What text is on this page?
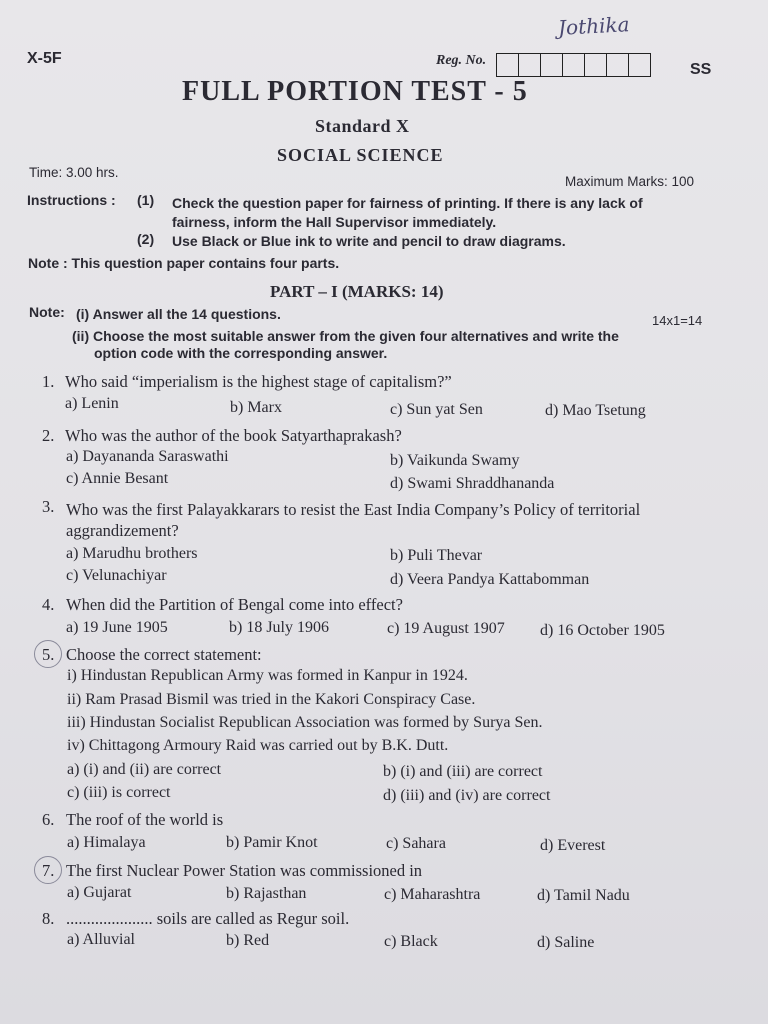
Jothika
X-5F	Reg. No.
SS
FULL PORTION TEST - 5
Standard X
SOCIAL SCIENCE
Time: 3.00 hrs.
Maximum Marks: 100
Instructions : (1) Check the question paper for fairness of printing. If there is any lack of
fairness, inform the Hall Supervisor immediately.
(2) Use Black or Blue ink to write and pencil to draw diagrams.
Note : This question paper contains four parts.
PART – I (MARKS: 14)
Note: (i) Answer all the 14 questions.	14x1=14
(ii) Choose the most suitable answer from the given four alternatives and write the
option code with the corresponding answer.
1. Who said “imperialism is the highest stage of capitalism?”
a) Lenin	b) Marx	c) Sun yat Sen	d) Mao Tsetung
2. Who was the author of the book Satyarthaprakash?
a) Dayananda Saraswathi	b) Vaikunda Swamy
c) Annie Besant	d) Swami Shraddhananda
3. Who was the first Palayakkarars to resist the East India Company’s Policy of territorial
aggrandizement?
a) Marudhu brothers	b) Puli Thevar
c) Velunachiyar	d) Veera Pandya Kattabomman
4. When did the Partition of Bengal come into effect?
a) 19 June 1905	b) 18 July 1906	c) 19 August 1907 d) 16 October 1905
5. Choose the correct statement:
i) Hindustan Republican Army was formed in Kanpur in 1924.
ii) Ram Prasad Bismil was tried in the Kakori Conspiracy Case.
iii) Hindustan Socialist Republican Association was formed by Surya Sen.
iv) Chittagong Armoury Raid was carried out by B.K. Dutt.
a) (i) and (ii) are correct	b) (i) and (iii) are correct
c) (iii) is correct	d) (iii) and (iv) are correct
6. The roof of the world is
a) Himalaya	b) Pamir Knot	c) Sahara	d) Everest
7. The first Nuclear Power Station was commissioned in
a) Gujarat	b) Rajasthan	c) Maharashtra	d) Tamil Nadu
8. ..................... soils are called as Regur soil.
a) Alluvial	b) Red	c) Black	d) Saline
